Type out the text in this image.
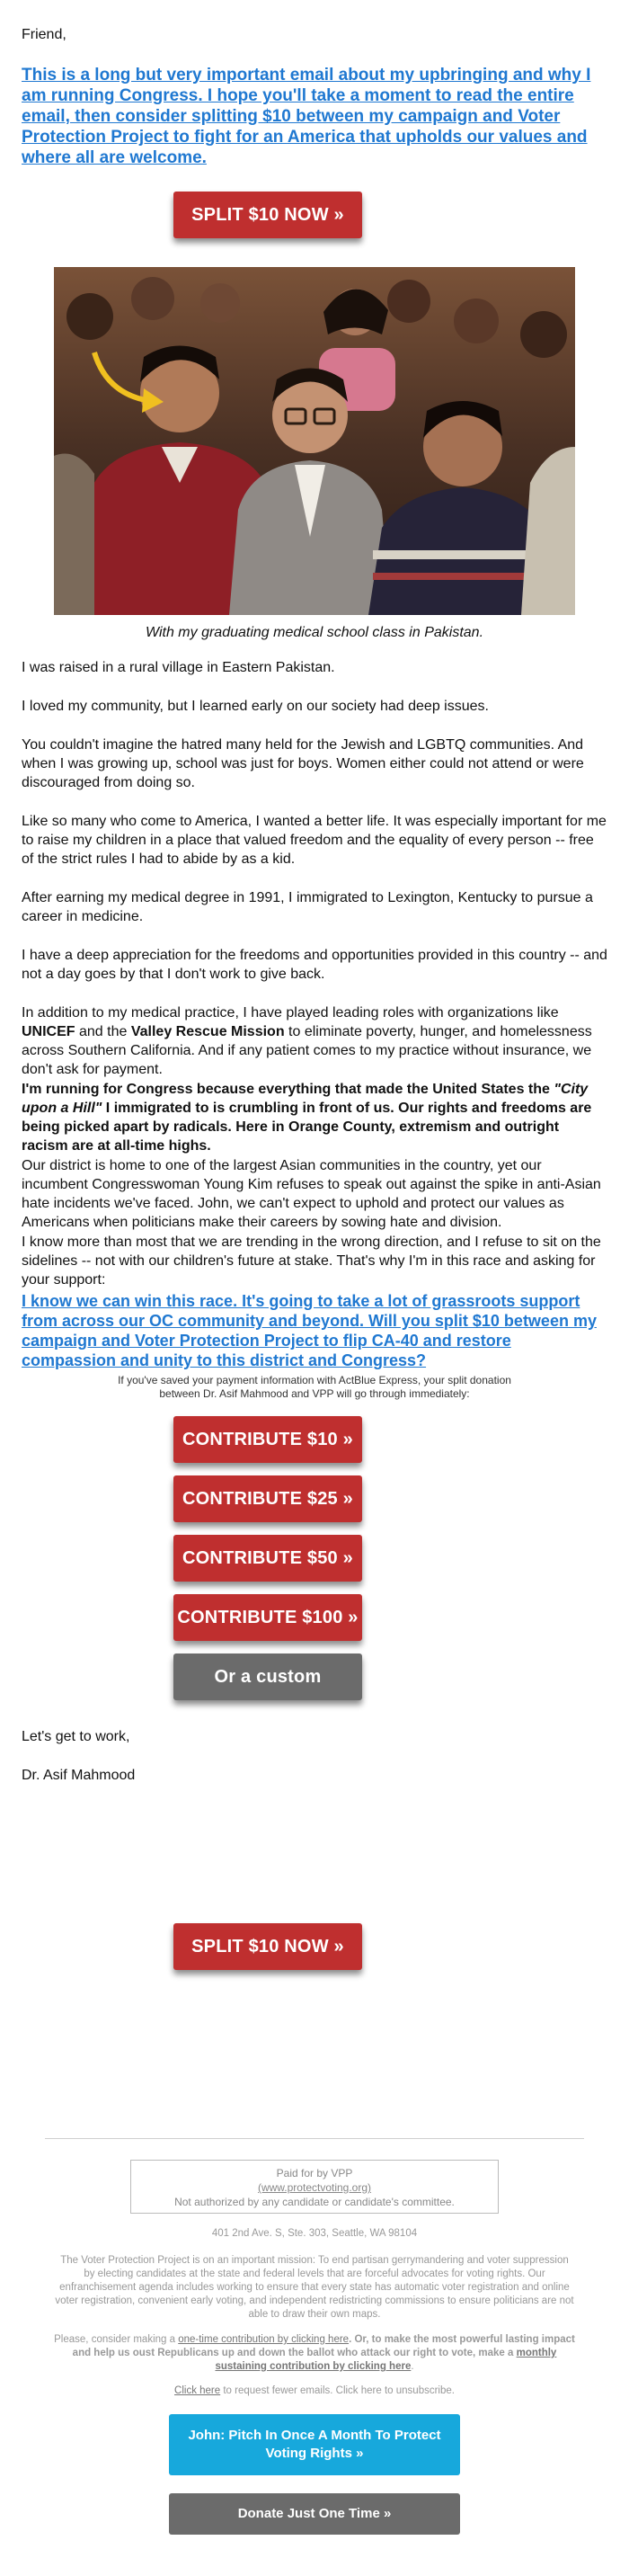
Friend,

This is a long but very important email about my upbringing and why I am running Congress. I hope you'll take a moment to read the entire email, then consider splitting $10 between my campaign and Voter Protection Project to fight for an America that upholds our values and where all are welcome.
SPLIT $10 NOW »
With my graduating medical school class in Pakistan.

I was raised in a rural village in Eastern Pakistan.

I loved my community, but I learned early on our society had deep issues.

You couldn't imagine the hatred many held for the Jewish and LGBTQ communities. And when I was growing up, school was just for boys. Women either could not attend or were discouraged from doing so.

Like so many who come to America, I wanted a better life. It was especially important for me to raise my children in a place that valued freedom and the equality of every person -- free of the strict rules I had to abide by as a kid.

After earning my medical degree in 1991, I immigrated to Lexington, Kentucky to pursue a career in medicine.

I have a deep appreciation for the freedoms and opportunities provided in this country -- and not a day goes by that I don't work to give back.

In addition to my medical practice, I have played leading roles with organizations like UNICEF and the Valley Rescue Mission to eliminate poverty, hunger, and homelessness across Southern California. And if any patient comes to my practice without insurance, we don't ask for payment.

I'm running for Congress because everything that made the United States the "City upon a Hill" I immigrated to is crumbling in front of us. Our rights and freedoms are being picked apart by radicals. Here in Orange County, extremism and outright racism are at all-time highs.

Our district is home to one of the largest Asian communities in the country, yet our incumbent Congresswoman Young Kim refuses to speak out against the spike in anti-Asian hate incidents we've faced. John, we can't expect to uphold and protect our values as Americans when politicians make their careers by sowing hate and division.

I know more than most that we are trending in the wrong direction, and I refuse to sit on the sidelines -- not with our children's future at stake. That's why I'm in this race and asking for your support:

I know we can win this race. It's going to take a lot of grassroots support from across our OC community and beyond. Will you split $10 between my campaign and Voter Protection Project to flip CA-40 and restore compassion and unity to this district and Congress?
If you've saved your payment information with ActBlue Express, your split donation between Dr. Asif Mahmood and VPP will go through immediately:
CONTRIBUTE $10 »
CONTRIBUTE $25 »
CONTRIBUTE $50 »
CONTRIBUTE $100 »
Or a custom donation »

Let's get to work,

Dr. Asif Mahmood

SPLIT $10 NOW »
Paid for by VPP
(www.protectvoting.org)
Not authorized by any candidate or candidate's committee.
401 2nd Ave. S, Ste. 303, Seattle, WA 98104
The Voter Protection Project is on an important mission: To end partisan gerrymandering and voter suppression by electing candidates at the state and federal levels that are forceful advocates for voting rights. Our enfranchisement agenda includes working to ensure that every state has automatic voter registration and online voter registration, convenient early voting, and independent redistricting commissions to ensure politicians are not able to draw their own maps.
Please, consider making a one-time contribution by clicking here. Or, to make the most powerful lasting impact and help us oust Republicans up and down the ballot who attack our right to vote, make a monthly sustaining contribution by clicking here.
Click here to request fewer emails. Click here to unsubscribe.
John: Pitch In Once A Month To Protect Voting Rights »
Donate Just One Time »
